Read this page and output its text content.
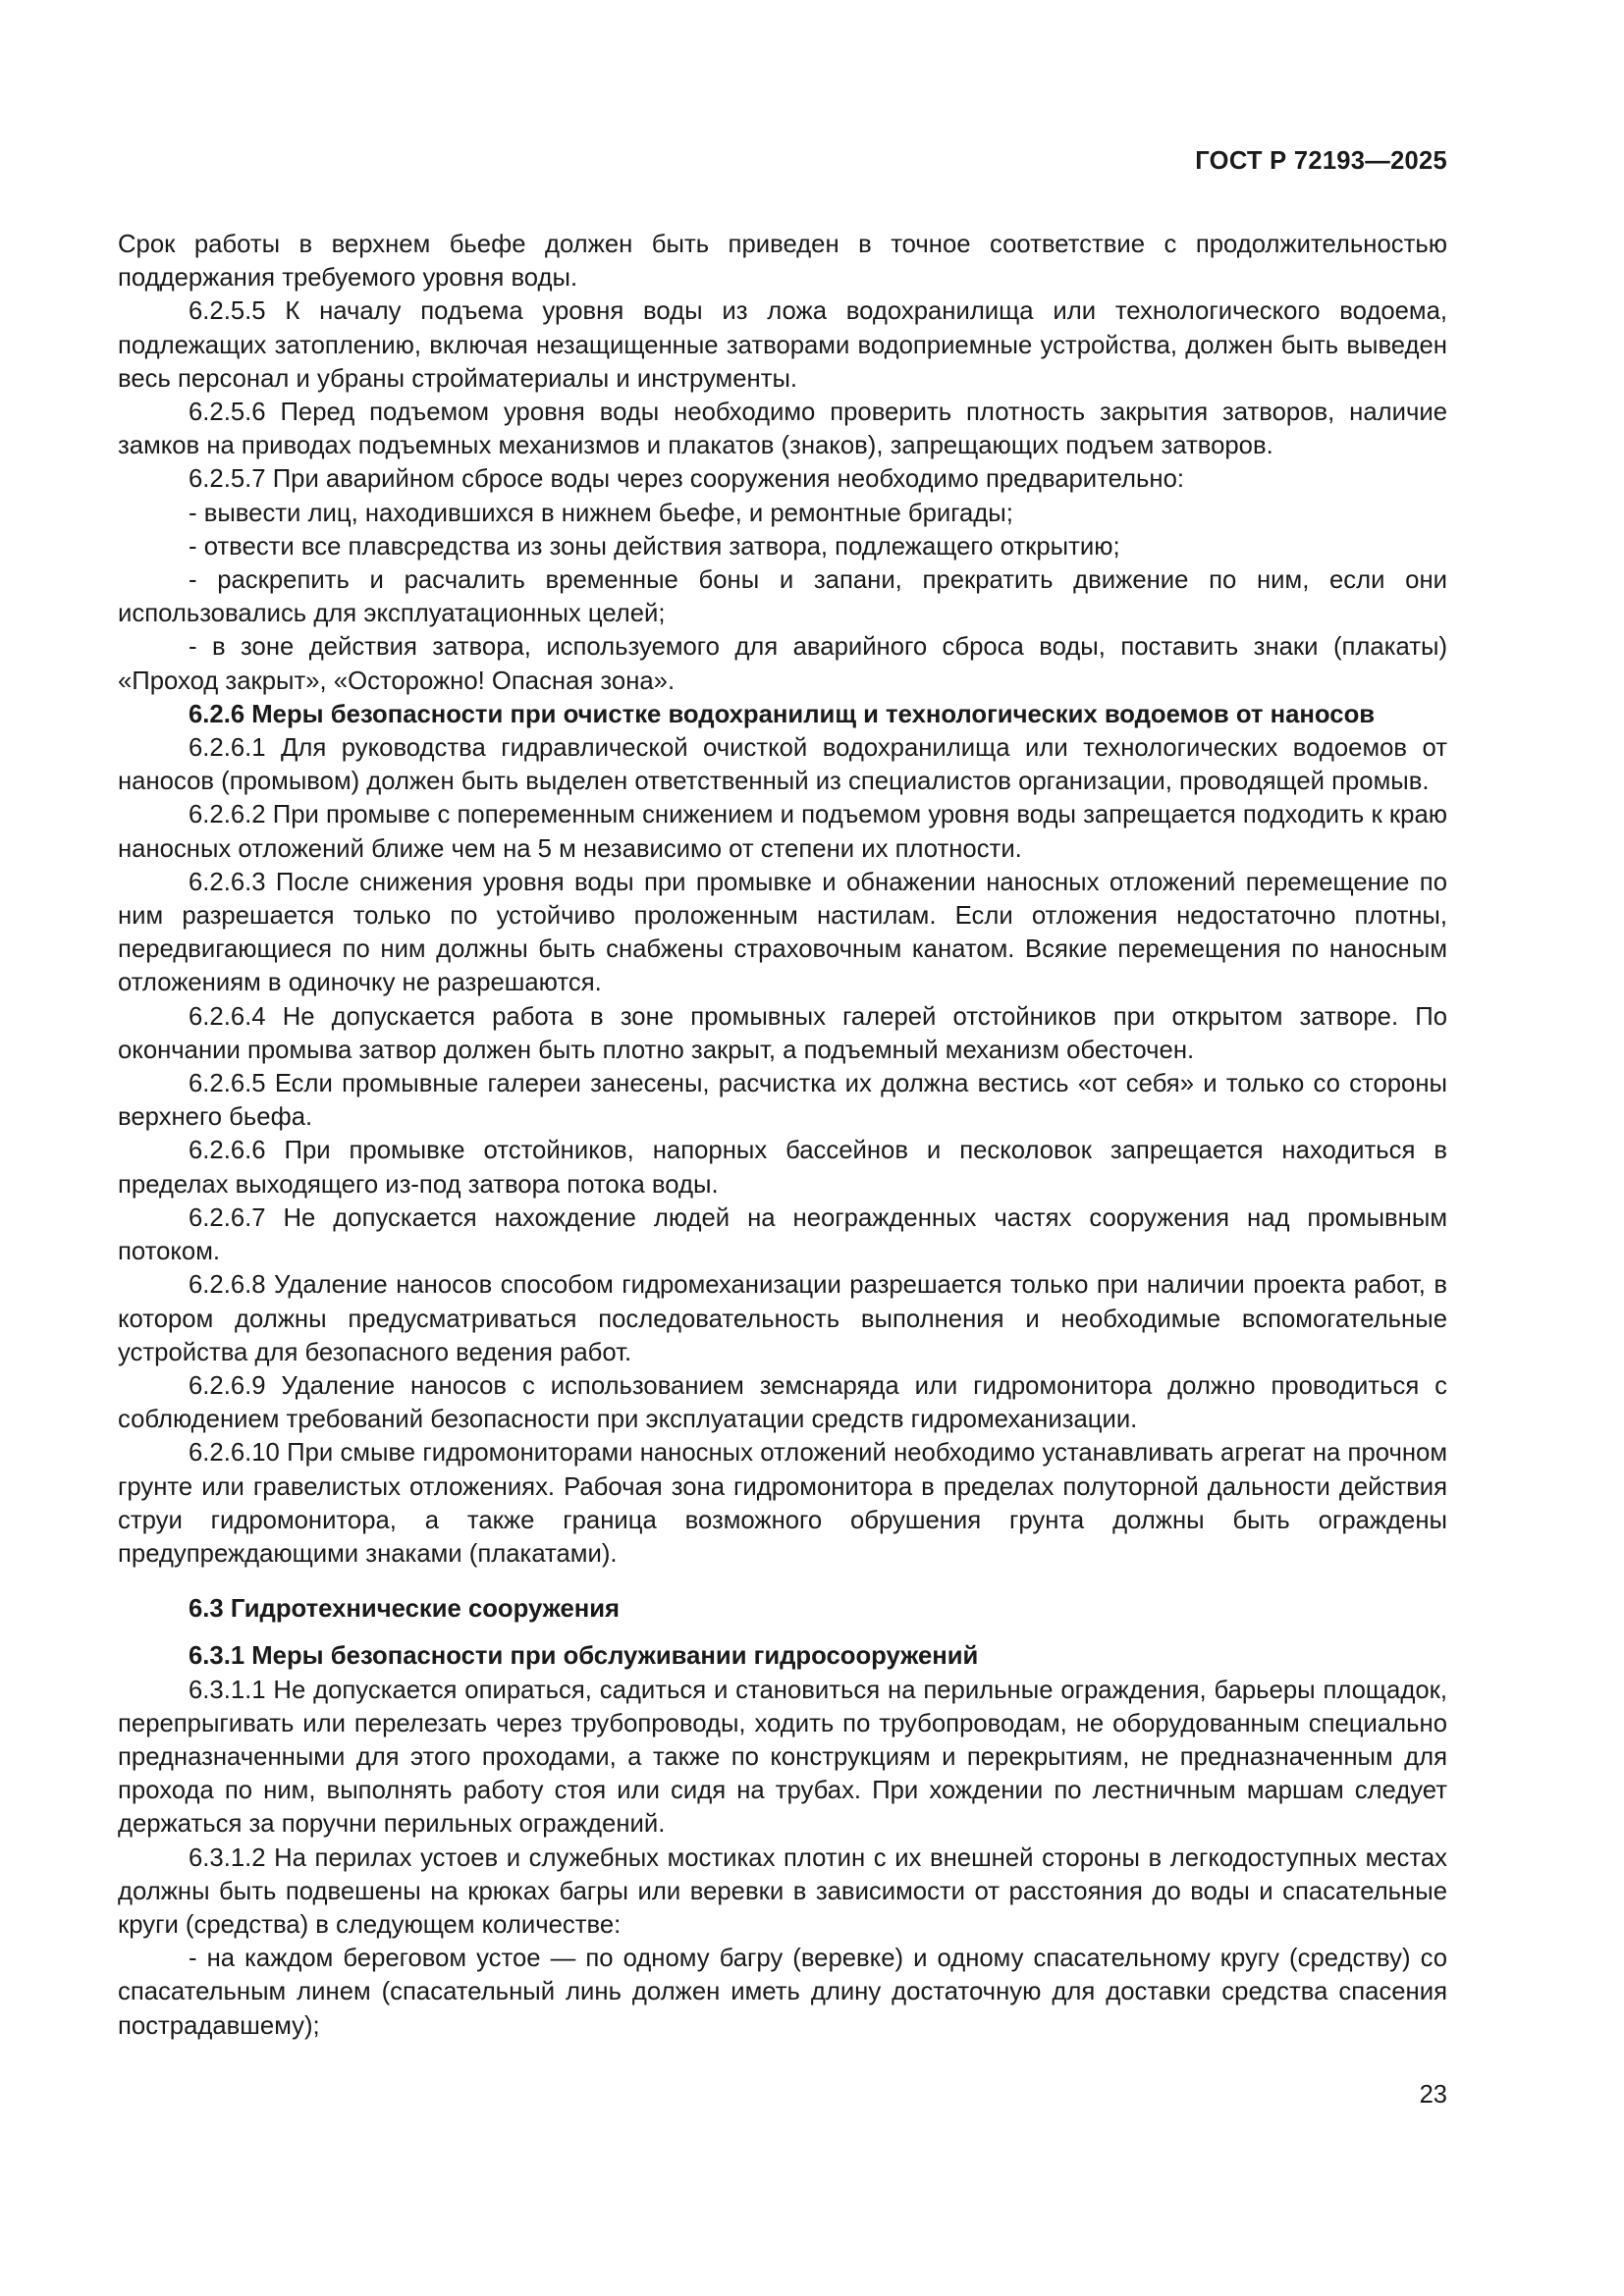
ГОСТ Р 72193—2025

Срок работы в верхнем бьефе должен быть приведен в точное соответствие с продолжительностью поддержания требуемого уровня воды.

6.2.5.5 К началу подъема уровня воды из ложа водохранилища или технологического водоема, подлежащих затоплению, включая незащищенные затворами водоприемные устройства, должен быть выведен весь персонал и убраны стройматериалы и инструменты.

6.2.5.6 Перед подъемом уровня воды необходимо проверить плотность закрытия затворов, наличие замков на приводах подъемных механизмов и плакатов (знаков), запрещающих подъем затворов.

6.2.5.7 При аварийном сбросе воды через сооружения необходимо предварительно:

- вывести лиц, находившихся в нижнем бьефе, и ремонтные бригады;

- отвести все плавсредства из зоны действия затвора, подлежащего открытию;

- раскрепить и расчалить временные боны и запани, прекратить движение по ним, если они использовались для эксплуатационных целей;

- в зоне действия затвора, используемого для аварийного сброса воды, поставить знаки (плакаты) «Проход закрыт», «Осторожно! Опасная зона».

6.2.6 Меры безопасности при очистке водохранилищ и технологических водоемов от наносов

6.2.6.1 Для руководства гидравлической очисткой водохранилища или технологических водоемов от наносов (промывом) должен быть выделен ответственный из специалистов организации, проводящей промыв.

6.2.6.2 При промыве с попеременным снижением и подъемом уровня воды запрещается подходить к краю наносных отложений ближе чем на 5 м независимо от степени их плотности.

6.2.6.3 После снижения уровня воды при промывке и обнажении наносных отложений перемещение по ним разрешается только по устойчиво проложенным настилам. Если отложения недостаточно плотны, передвигающиеся по ним должны быть снабжены страховочным канатом. Всякие перемещения по наносным отложениям в одиночку не разрешаются.

6.2.6.4 Не допускается работа в зоне промывных галерей отстойников при открытом затворе. По окончании промыва затвор должен быть плотно закрыт, а подъемный механизм обесточен.

6.2.6.5 Если промывные галереи занесены, расчистка их должна вестись «от себя» и только со стороны верхнего бьефа.

6.2.6.6 При промывке отстойников, напорных бассейнов и песколовок запрещается находиться в пределах выходящего из-под затвора потока воды.

6.2.6.7 Не допускается нахождение людей на неогражденных частях сооружения над промывным потоком.

6.2.6.8 Удаление наносов способом гидромеханизации разрешается только при наличии проекта работ, в котором должны предусматриваться последовательность выполнения и необходимые вспомогательные устройства для безопасного ведения работ.

6.2.6.9 Удаление наносов с использованием земснаряда или гидромонитора должно проводиться с соблюдением требований безопасности при эксплуатации средств гидромеханизации.

6.2.6.10 При смыве гидромониторами наносных отложений необходимо устанавливать агрегат на прочном грунте или гравелистых отложениях. Рабочая зона гидромонитора в пределах полуторной дальности действия струи гидромонитора, а также граница возможного обрушения грунта должны быть ограждены предупреждающими знаками (плакатами).

6.3 Гидротехнические сооружения

6.3.1 Меры безопасности при обслуживании гидросооружений

6.3.1.1 Не допускается опираться, садиться и становиться на перильные ограждения, барьеры площадок, перепрыгивать или перелезать через трубопроводы, ходить по трубопроводам, не оборудованным специально предназначенными для этого проходами, а также по конструкциям и перекрытиям, не предназначенным для прохода по ним, выполнять работу стоя или сидя на трубах. При хождении по лестничным маршам следует держаться за поручни перильных ограждений.

6.3.1.2 На перилах устоев и служебных мостиках плотин с их внешней стороны в легкодоступных местах должны быть подвешены на крюках багры или веревки в зависимости от расстояния до воды и спасательные круги (средства) в следующем количестве:

- на каждом береговом устое — по одному багру (веревке) и одному спасательному кругу (средству) со спасательным линем (спасательный линь должен иметь длину достаточную для доставки средства спасения пострадавшему);

23
